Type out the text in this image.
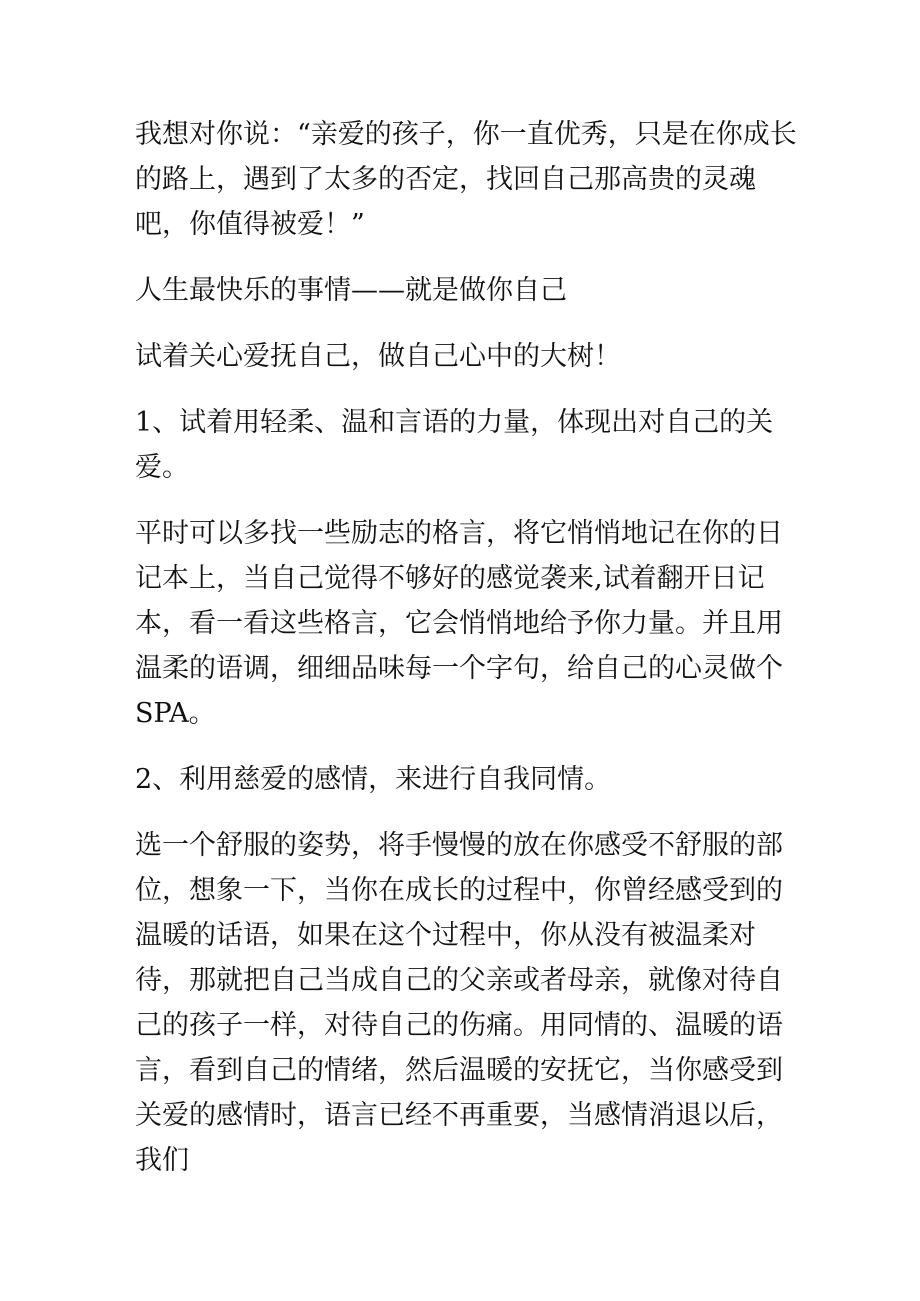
我想对你说：“亲爱的孩子，你一直优秀，只是在你成长的路上，遇到了太多的否定，找回自己那高贵的灵魂吧，你值得被爱！”

人生最快乐的事情——就是做你自己

试着关心爱抚自己，做自己心中的大树！

1、试着用轻柔、温和言语的力量，体现出对自己的关爱。

平时可以多找一些励志的格言，将它悄悄地记在你的日记本上，当自己觉得不够好的感觉袭来,试着翻开日记本，看一看这些格言，它会悄悄地给予你力量。并且用温柔的语调，细细品味每一个字句，给自己的心灵做个SPA。

2、利用慈爱的感情，来进行自我同情。

选一个舒服的姿势，将手慢慢的放在你感受不舒服的部位，想象一下，当你在成长的过程中，你曾经感受到的温暖的话语，如果在这个过程中，你从没有被温柔对待，那就把自己当成自己的父亲或者母亲，就像对待自己的孩子一样，对待自己的伤痛。用同情的、温暖的语言，看到自己的情绪，然后温暖的安抚它，当你感受到关爱的感情时，语言已经不再重要，当感情消退以后，我们
